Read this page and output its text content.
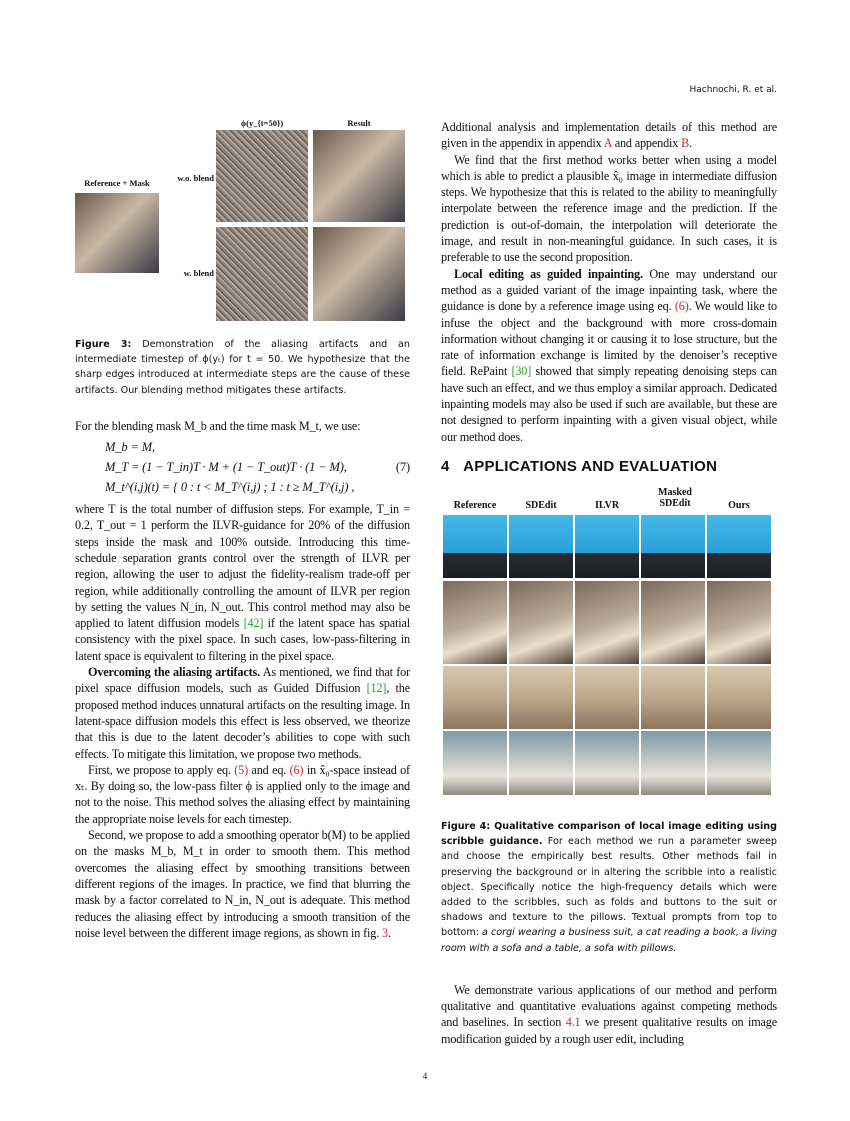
Hachnochi, R. et al.
ϕ(y_{t=50})	Result
Reference + Mask	w.o. blend
w. blend
Figure 3: Demonstration of the aliasing artifacts and an intermediate timestep of ϕ(yₜ) for t = 50. We hypothesize that the sharp edges introduced at intermediate steps are the cause of these artifacts. Our blending method mitigates these artifacts.

For the blending mask M_b and the time mask M_t, we use:

M_b = M,
M_T = (1 − T_in)T · M + (1 − T_out)T · (1 − M),
M_t^(i,j)(t) = { 0 : t < M_T^(i,j) ; 1 : t ≥ M_T^(i,j) ,
(7)

where T is the total number of diffusion steps. For example, T_in = 0.2, T_out = 1 perform the ILVR-guidance for 20% of the diffusion steps inside the mask and 100% outside. Introducing this time-schedule separation grants control over the strength of ILVR per region, allowing the user to adjust the fidelity-realism trade-off per region, while additionally controlling the amount of ILVR per region by setting the values N_in, N_out. This control method may also be applied to latent diffusion models [42] if the latent space has spatial consistency with the pixel space. In such cases, low-pass-filtering in latent space is equivalent to filtering in the pixel space.

Overcoming the aliasing artifacts. As mentioned, we find that for pixel space diffusion models, such as Guided Diffusion [12], the proposed method induces unnatural artifacts on the resulting image. In latent-space diffusion models this effect is less observed, we theorize that this is due to the latent decoder’s abilities to cope with such effects. To mitigate this limitation, we propose two methods.

First, we propose to apply eq. (5) and eq. (6) in x̂₀-space instead of xₜ. By doing so, the low-pass filter ϕ is applied only to the image and not to the noise. This method solves the aliasing effect by maintaining the appropriate noise levels for each timestep.

Second, we propose to add a smoothing operator b(M) to be applied on the masks M_b, M_t in order to smooth them. This method overcomes the aliasing effect by smoothing transitions between different regions of the images. In practice, we find that blurring the mask by a factor correlated to N_in, N_out is adequate. This method reduces the aliasing effect by introducing a smooth transition of the noise level between the different image regions, as shown in fig. 3.

Additional analysis and implementation details of this method are given in the appendix in appendix A and appendix B.

We find that the first method works better when using a model which is able to predict a plausible x̂₀ image in intermediate diffusion steps. We hypothesize that this is related to the ability to meaningfully interpolate between the reference image and the prediction. If the prediction is out-of-domain, the interpolation will deteriorate the image, and result in non-meaningful guidance. In such cases, it is preferable to use the second proposition.

Local editing as guided inpainting. One may understand our method as a guided variant of the image inpainting task, where the guidance is done by a reference image using eq. (6). We would like to infuse the object and the background with more cross-domain information without changing it or causing it to lose structure, but the rate of information exchange is limited by the denoiser’s receptive field. RePaint [30] showed that simply repeating denoising steps can have such an effect, and we thus employ a similar approach. Dedicated inpainting models may also be used if such are available, but these are not designed to perform inpainting with a given visual object, while our method does.

4 APPLICATIONS AND EVALUATION
Reference	SDEdit	ILVR
Masked SDEdit	Ours
Figure 4: Qualitative comparison of local image editing using scribble guidance. For each method we run a parameter sweep and choose the empirically best results. Other methods fail in preserving the background or in altering the scribble into a realistic object. Specifically notice the high-frequency details which were added to the scribbles, such as folds and buttons to the suit or shadows and texture to the pillows. Textual prompts from top to bottom: a corgi wearing a business suit, a cat reading a book, a living room with a sofa and a table, a sofa with pillows.

We demonstrate various applications of our method and perform qualitative and quantitative evaluations against competing methods and baselines. In section 4.1 we present qualitative results on image modification guided by a rough user edit, including

4
